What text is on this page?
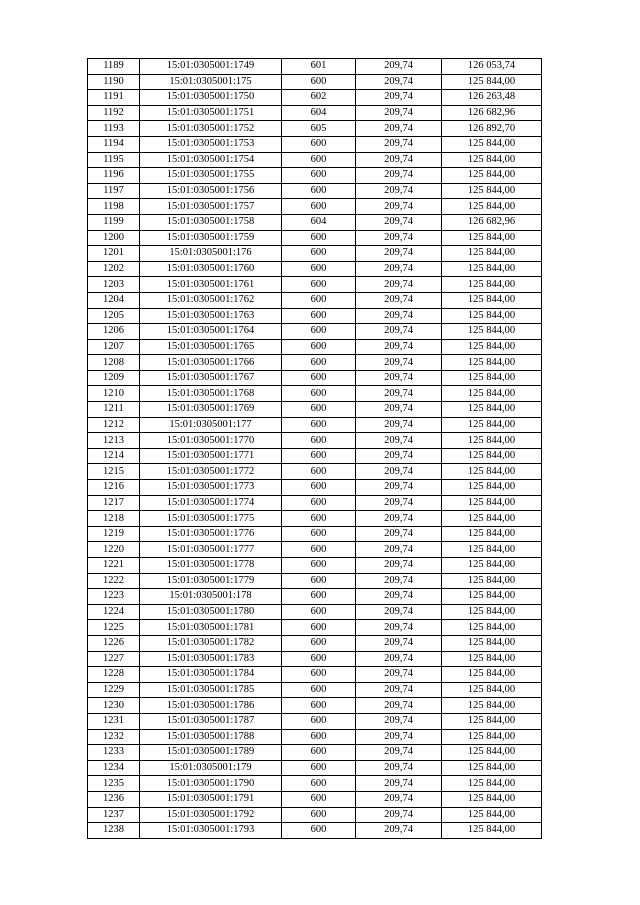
1189	15:01:0305001:1749	601	209,74	126 053,74
1190	15:01:0305001:175	600	209,74	125 844,00
1191	15:01:0305001:1750	602	209,74	126 263,48
1192	15:01:0305001:1751	604	209,74	126 682,96
1193	15:01:0305001:1752	605	209,74	126 892,70
1194	15:01:0305001:1753	600	209,74	125 844,00
1195	15:01:0305001:1754	600	209,74	125 844,00
1196	15:01:0305001:1755	600	209,74	125 844,00
1197	15:01:0305001:1756	600	209,74	125 844,00
1198	15:01:0305001:1757	600	209,74	125 844,00
1199	15:01:0305001:1758	604	209,74	126 682,96
1200	15:01:0305001:1759	600	209,74	125 844,00
1201	15:01:0305001:176	600	209,74	125 844,00
1202	15:01:0305001:1760	600	209,74	125 844,00
1203	15:01:0305001:1761	600	209,74	125 844,00
1204	15:01:0305001:1762	600	209,74	125 844,00
1205	15:01:0305001:1763	600	209,74	125 844,00
1206	15:01:0305001:1764	600	209,74	125 844,00
1207	15:01:0305001:1765	600	209,74	125 844,00
1208	15:01:0305001:1766	600	209,74	125 844,00
1209	15:01:0305001:1767	600	209,74	125 844,00
1210	15:01:0305001:1768	600	209,74	125 844,00
1211	15:01:0305001:1769	600	209,74	125 844,00
1212	15:01:0305001:177	600	209,74	125 844,00
1213	15:01:0305001:1770	600	209,74	125 844,00
1214	15:01:0305001:1771	600	209,74	125 844,00
1215	15:01:0305001:1772	600	209,74	125 844,00
1216	15:01:0305001:1773	600	209,74	125 844,00
1217	15:01:0305001:1774	600	209,74	125 844,00
1218	15:01:0305001:1775	600	209,74	125 844,00
1219	15:01:0305001:1776	600	209,74	125 844,00
1220	15:01:0305001:1777	600	209,74	125 844,00
1221	15:01:0305001:1778	600	209,74	125 844,00
1222	15:01:0305001:1779	600	209,74	125 844,00
1223	15:01:0305001:178	600	209,74	125 844,00
1224	15:01:0305001:1780	600	209,74	125 844,00
1225	15:01:0305001:1781	600	209,74	125 844,00
1226	15:01:0305001:1782	600	209,74	125 844,00
1227	15:01:0305001:1783	600	209,74	125 844,00
1228	15:01:0305001:1784	600	209,74	125 844,00
1229	15:01:0305001:1785	600	209,74	125 844,00
1230	15:01:0305001:1786	600	209,74	125 844,00
1231	15:01:0305001:1787	600	209,74	125 844,00
1232	15:01:0305001:1788	600	209,74	125 844,00
1233	15:01:0305001:1789	600	209,74	125 844,00
1234	15:01:0305001:179	600	209,74	125 844,00
1235	15:01:0305001:1790	600	209,74	125 844,00
1236	15:01:0305001:1791	600	209,74	125 844,00
1237	15:01:0305001:1792	600	209,74	125 844,00
1238	15:01:0305001:1793	600	209,74	125 844,00
